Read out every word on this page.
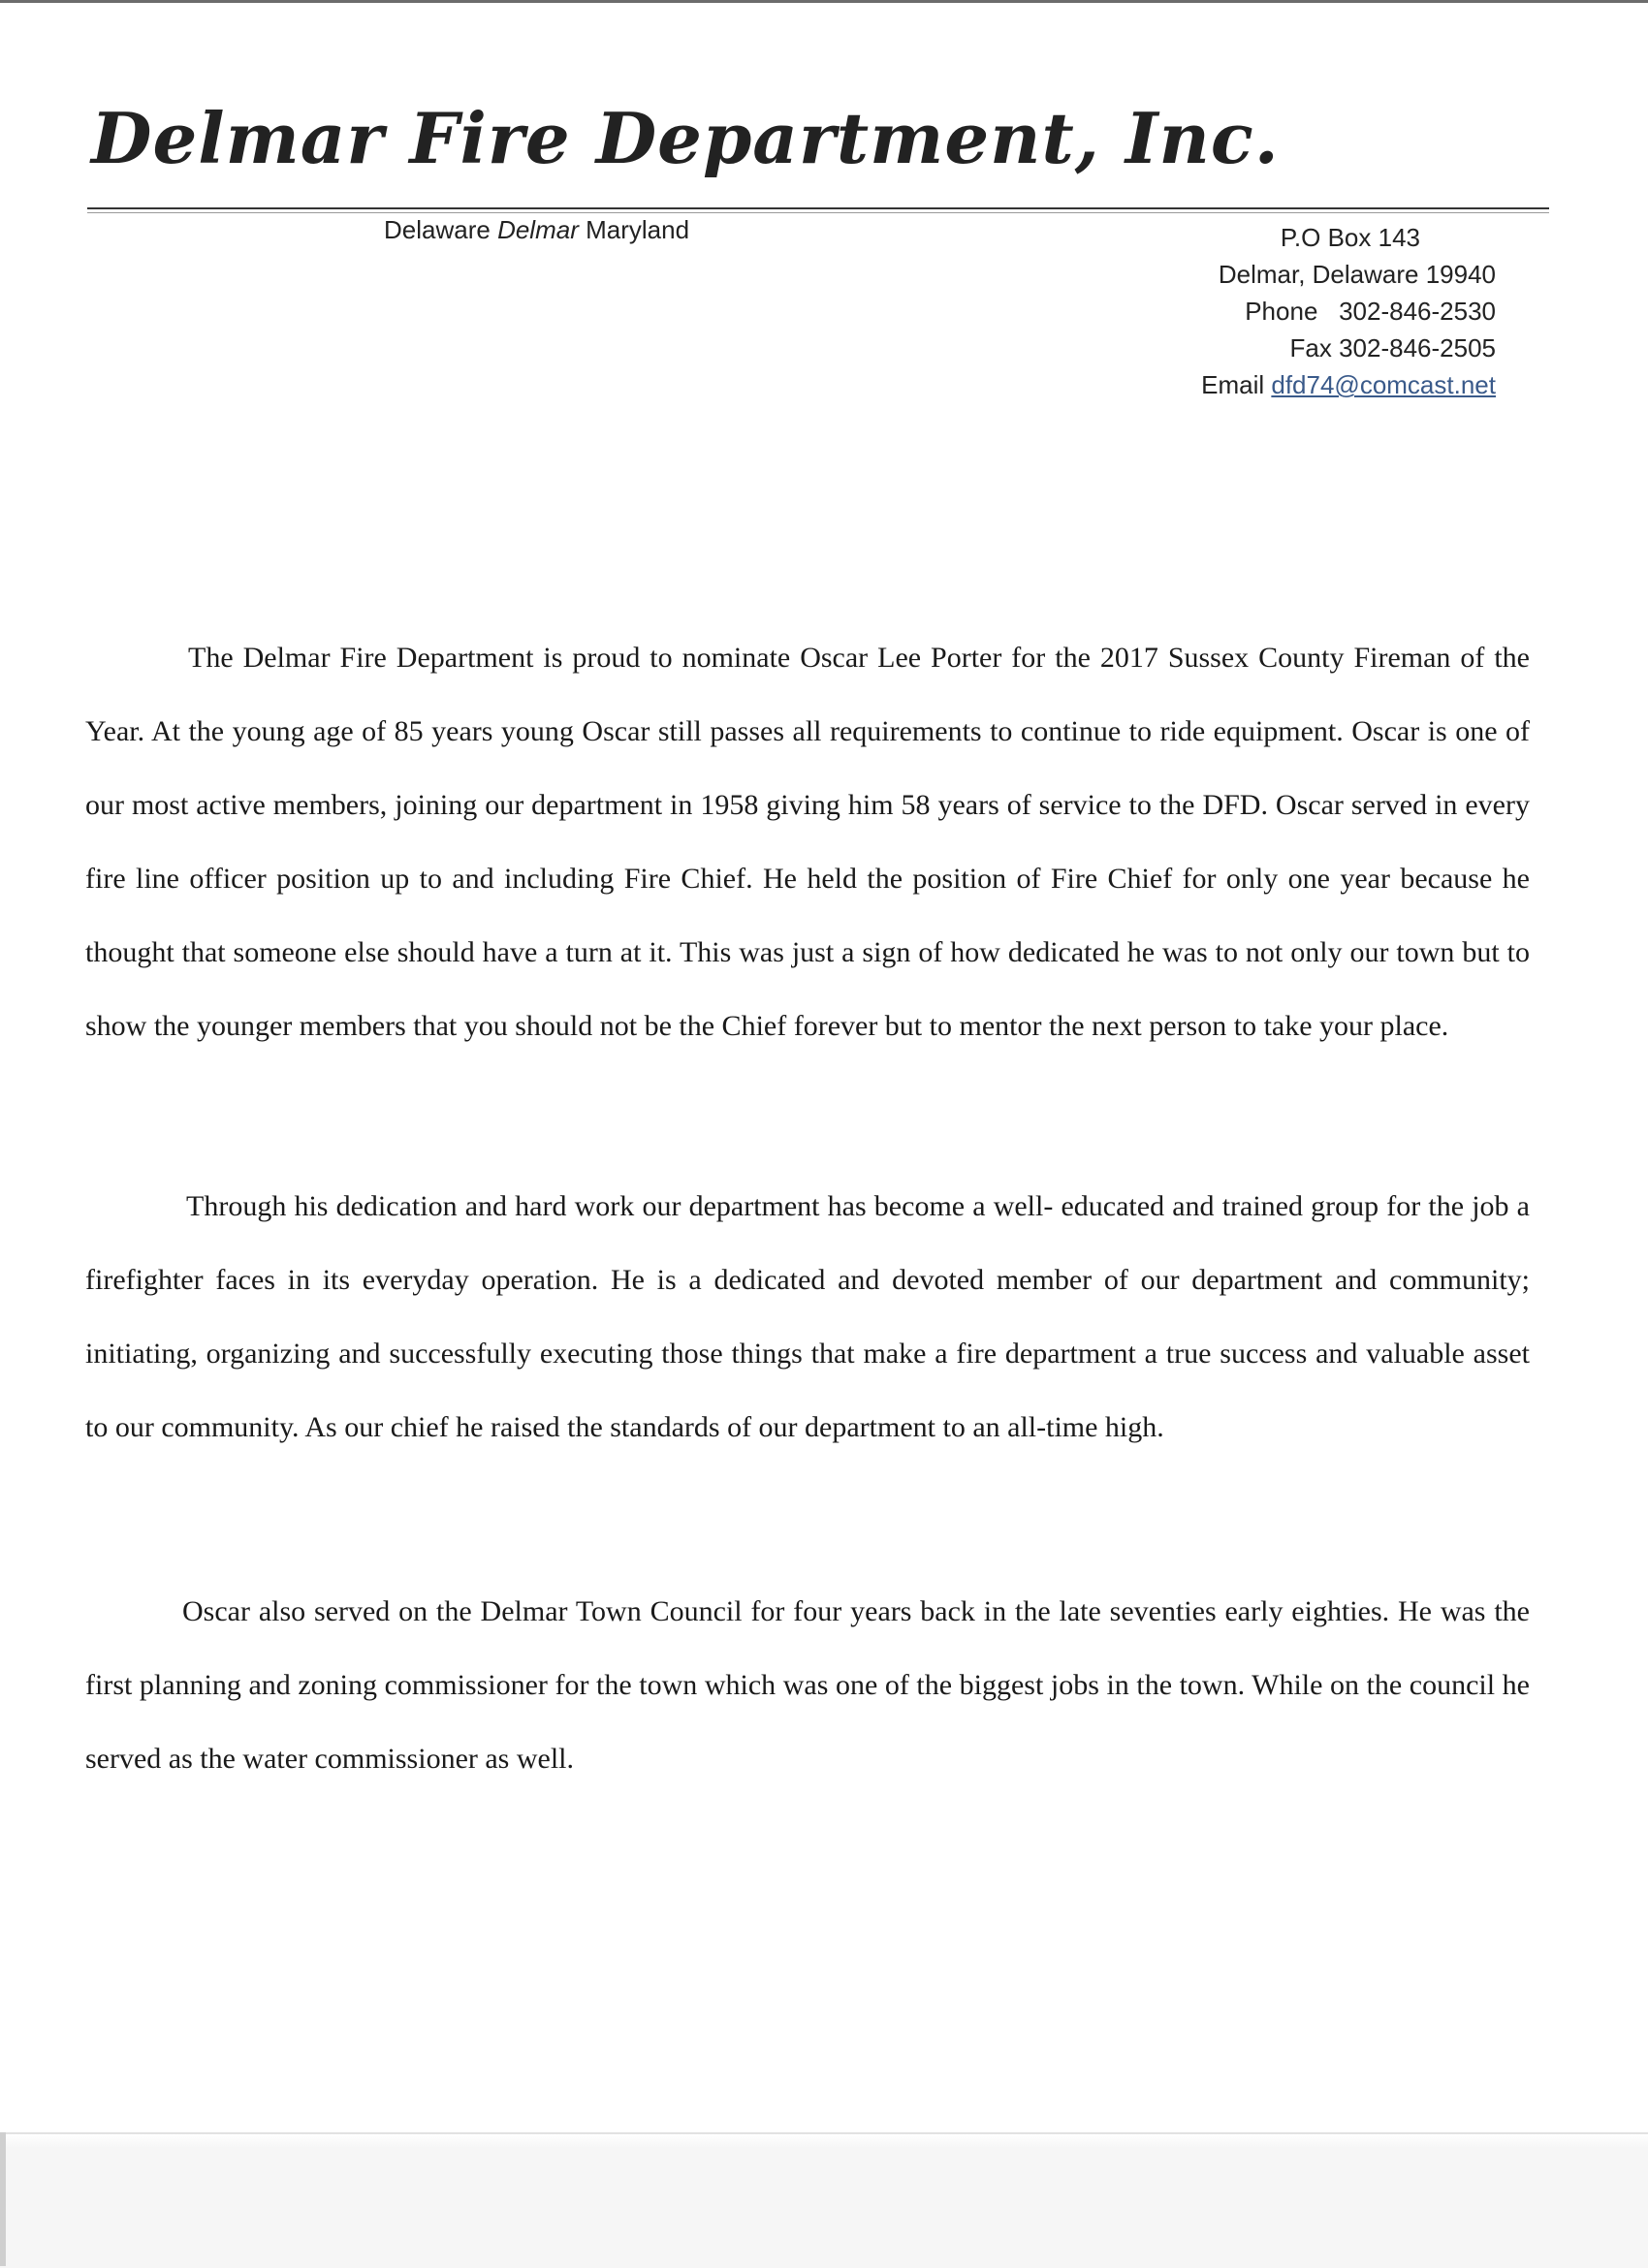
Delmar Fire Department, Inc.
Delaware Delmar Maryland	P.O Box 143
Delmar, Delaware 19940
Phone 302-846-2530
Fax 302-846-2505
Email dfd74@comcast.net

The Delmar Fire Department is proud to nominate Oscar Lee Porter for the 2017 Sussex County Fireman of the Year. At the young age of 85 years young Oscar still passes all requirements to continue to ride equipment. Oscar is one of our most active members, joining our department in 1958 giving him 58 years of service to the DFD. Oscar served in every fire line officer position up to and including Fire Chief. He held the position of Fire Chief for only one year because he thought that someone else should have a turn at it. This was just a sign of how dedicated he was to not only our town but to show the younger members that you should not be the Chief forever but to mentor the next person to take your place.

Through his dedication and hard work our department has become a well- educated and trained group for the job a firefighter faces in its everyday operation. He is a dedicated and devoted member of our department and community; initiating, organizing and successfully executing those things that make a fire department a true success and valuable asset to our community. As our chief he raised the standards of our department to an all-time high.

Oscar also served on the Delmar Town Council for four years back in the late seventies early eighties. He was the first planning and zoning commissioner for the town which was one of the biggest jobs in the town. While on the council he served as the water commissioner as well.
